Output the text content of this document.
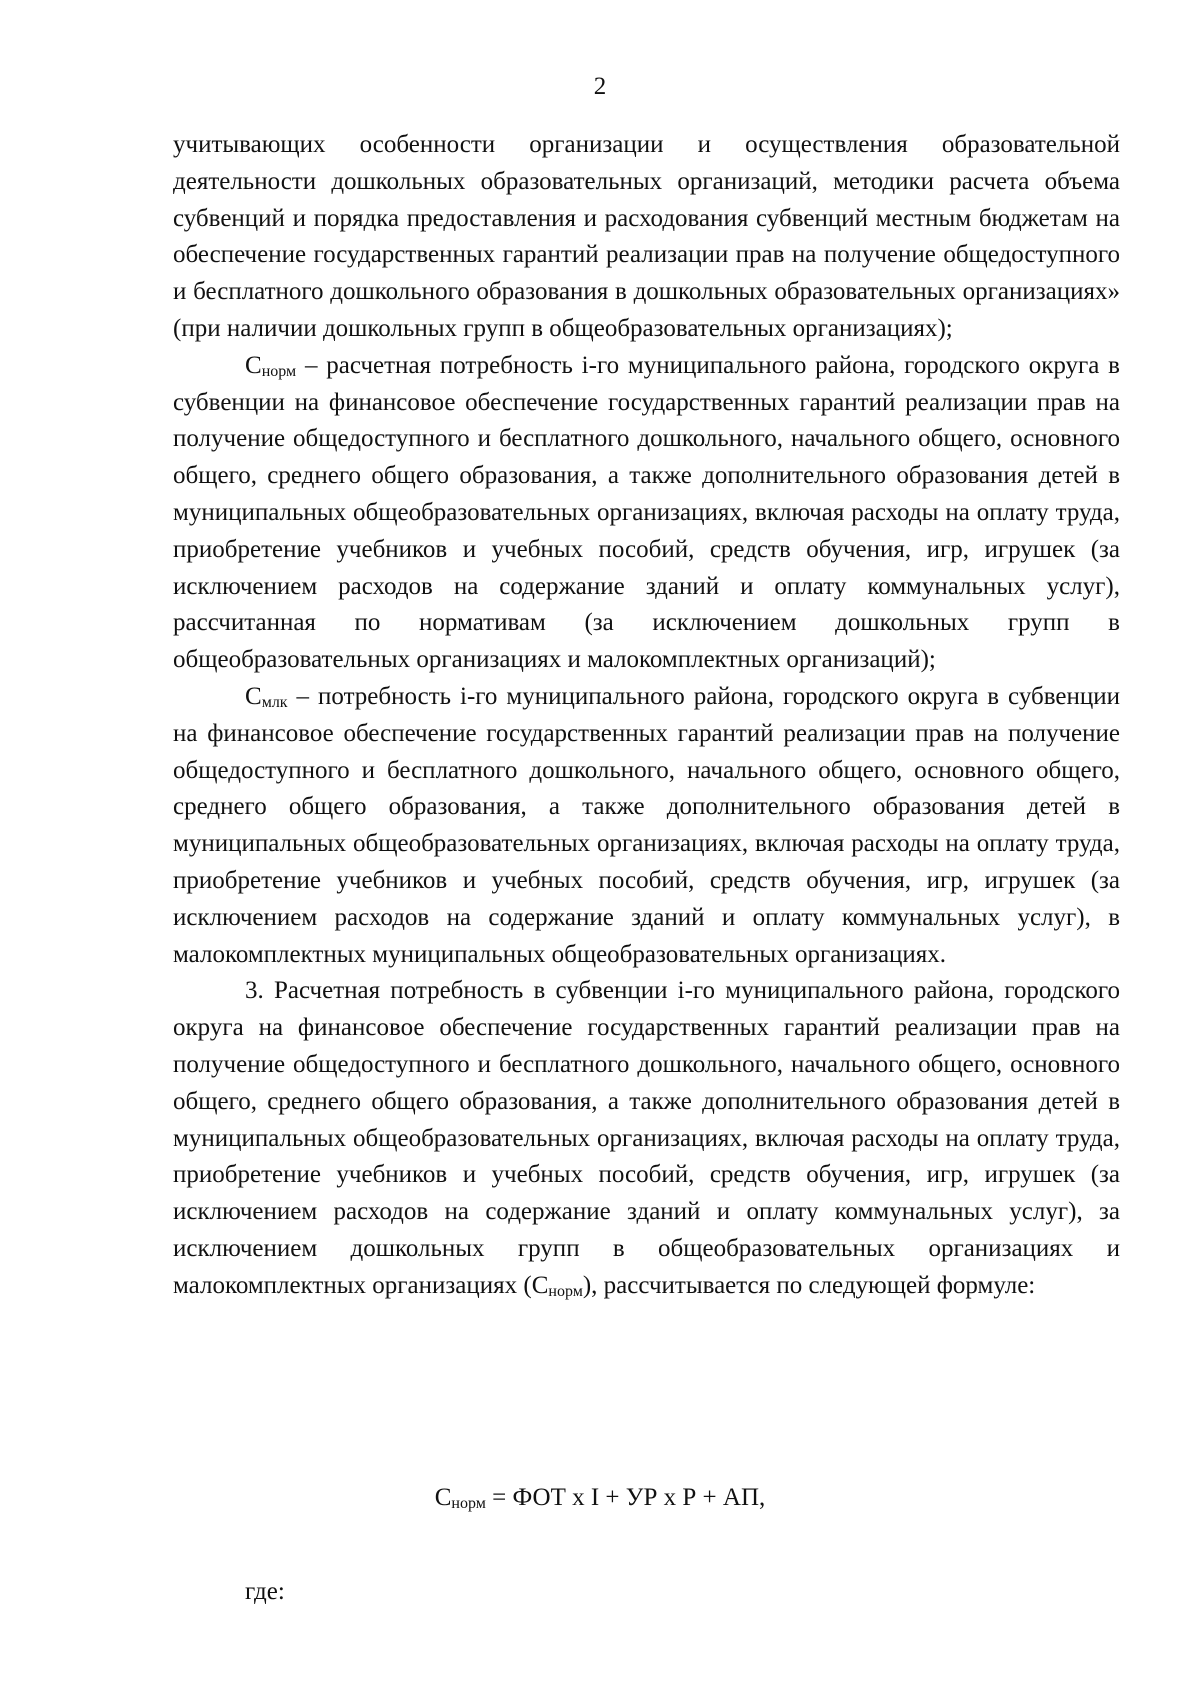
2

учитывающих особенности организации и осуществления образовательной деятельности дошкольных образовательных организаций, методики расчета объема субвенций и порядка предоставления и расходования субвенций местным бюджетам на обеспечение государственных гарантий реализации прав на получение общедоступного и бесплатного дошкольного образования в дошкольных образовательных организациях» (при наличии дошкольных групп в общеобразовательных организациях);

Снорм – расчетная потребность i-го муниципального района, городского округа в субвенции на финансовое обеспечение государственных гарантий реализации прав на получение общедоступного и бесплатного дошкольного, начального общего, основного общего, среднего общего образования, а также дополнительного образования детей в муниципальных общеобразовательных организациях, включая расходы на оплату труда, приобретение учебников и учебных пособий, средств обучения, игр, игрушек (за исключением расходов на содержание зданий и оплату коммунальных услуг), рассчитанная по нормативам (за исключением дошкольных групп в общеобразовательных организациях и малокомплектных организаций);

Смлк – потребность i-го муниципального района, городского округа в субвенции на финансовое обеспечение государственных гарантий реализации прав на получение общедоступного и бесплатного дошкольного, начального общего, основного общего, среднего общего образования, а также дополнительного образования детей в муниципальных общеобразовательных организациях, включая расходы на оплату труда, приобретение учебников и учебных пособий, средств обучения, игр, игрушек (за исключением расходов на содержание зданий и оплату коммунальных услуг), в малокомплектных муниципальных общеобразовательных организациях.

3. Расчетная потребность в субвенции i-го муниципального района, городского округа на финансовое обеспечение государственных гарантий реализации прав на получение общедоступного и бесплатного дошкольного, начального общего, основного общего, среднего общего образования, а также дополнительного образования детей в муниципальных общеобразовательных организациях, включая расходы на оплату труда, приобретение учебников и учебных пособий, средств обучения, игр, игрушек (за исключением расходов на содержание зданий и оплату коммунальных услуг), за исключением дошкольных групп в общеобразовательных организациях и малокомплектных организациях (Снорм), рассчитывается по следующей формуле:

Снорм = ФОТ x I + УР x Р + АП,
где:
